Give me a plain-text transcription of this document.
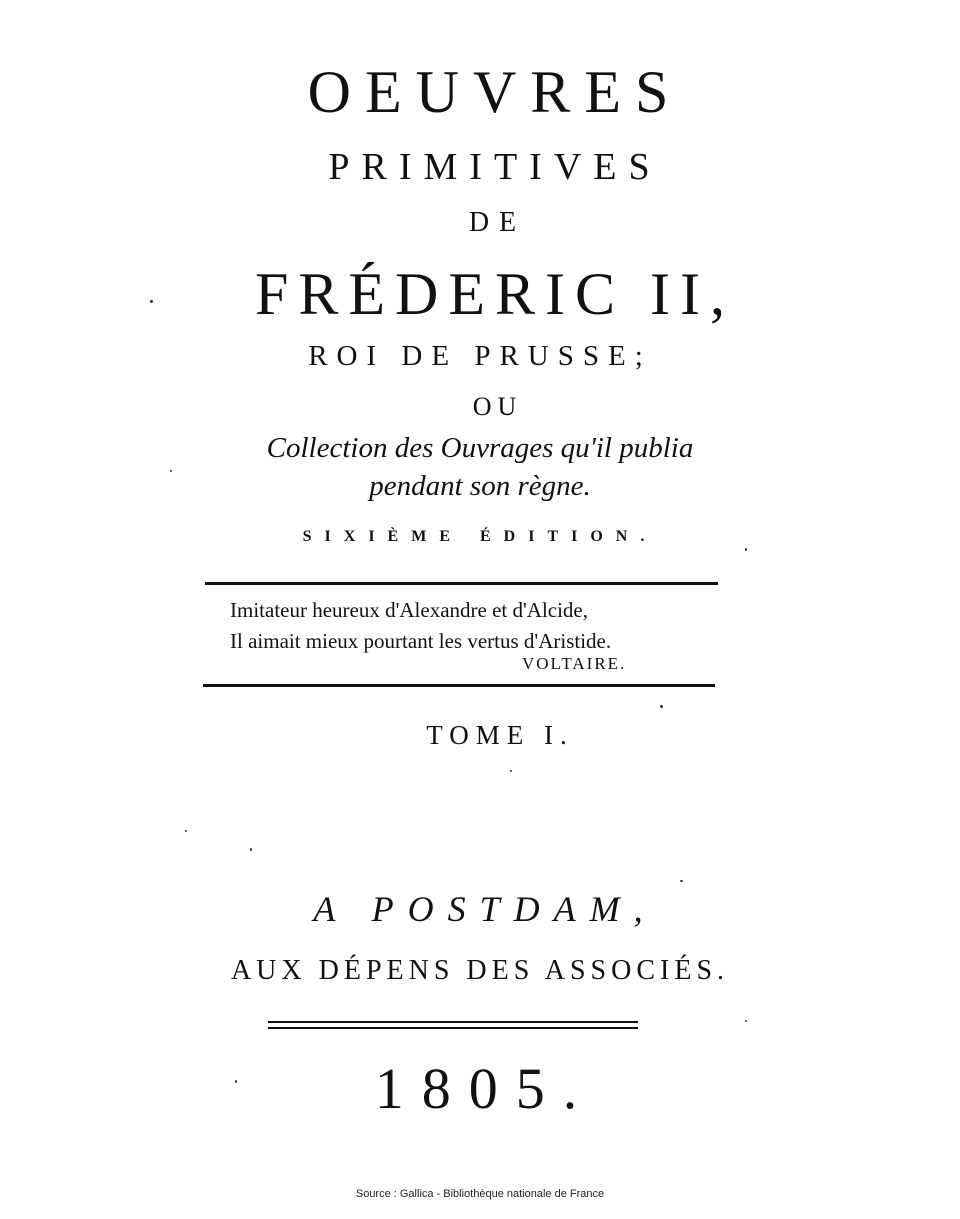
OEUVRES
PRIMITIVES
DE
FRÉDERIC II,
ROI DE PRUSSE;
OU
Collection des Ouvrages qu'il publia
pendant son règne.
SIXIÈME ÉDITION.
Imitateur heureux d'Alexandre et d'Alcide,
Il aimait mieux pourtant les vertus d'Aristide.
VOLTAIRE.
TOME I.
A POSTDAM,
AUX DÉPENS DES ASSOCIÉS.
1805.
Source : Gallica - Bibliothèque nationale de France
